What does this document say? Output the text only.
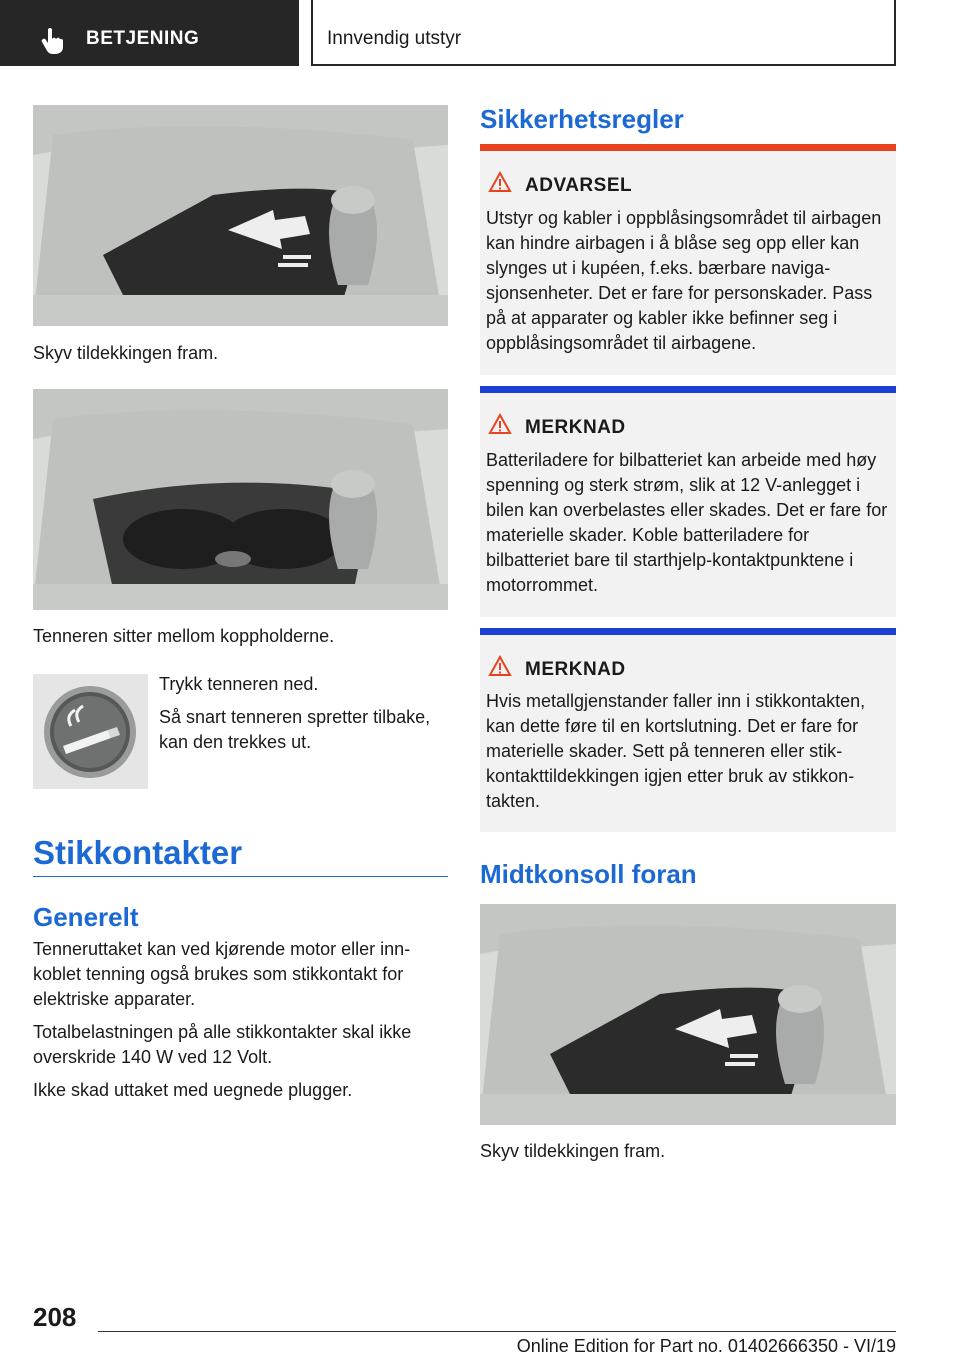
BETJENING	Innvendig utstyr
Skyv tildekkingen fram.
Tenneren sitter mellom koppholderne.
Trykk tenneren ned.
Så snart tenneren spretter tilbake, kan den trekkes ut.
Stikkontakter
Generelt
Tenneruttaket kan ved kjørende motor eller innkoblet tenning også brukes som stikkontakt for elektriske apparater.
Totalbelastningen på alle stikkontakter skal ikke overskride 140 W ved 12 Volt.
Ikke skad uttaket med uegnede plugger.
Sikkerhetsregler
ADVARSEL
Utstyr og kabler i oppblåsingsområdet til airbagen kan hindre airbagen i å blåse seg opp eller kan slynges ut i kupéen, f.eks. bærbare navigasjonsenheter. Det er fare for personskader. Pass på at apparater og kabler ikke befinner seg i oppblåsingsområdet til airbagene.
MERKNAD
Batteriladere for bilbatteriet kan arbeide med høy spenning og sterk strøm, slik at 12 V-anlegget i bilen kan overbelastes eller skades. Det er fare for materielle skader. Koble batteriladere for bilbatteriet bare til starthjelp-kontaktpunktene i motorrommet.
MERKNAD
Hvis metallgjenstander faller inn i stikkontakten, kan dette føre til en kortslutning. Det er fare for materielle skader. Sett på tenneren eller stikkontakttildekkingen igjen etter bruk av stikkontakten.
Midtkonsoll foran
Skyv tildekkingen fram.
208
Online Edition for Part no. 01402666350 - VI/19
